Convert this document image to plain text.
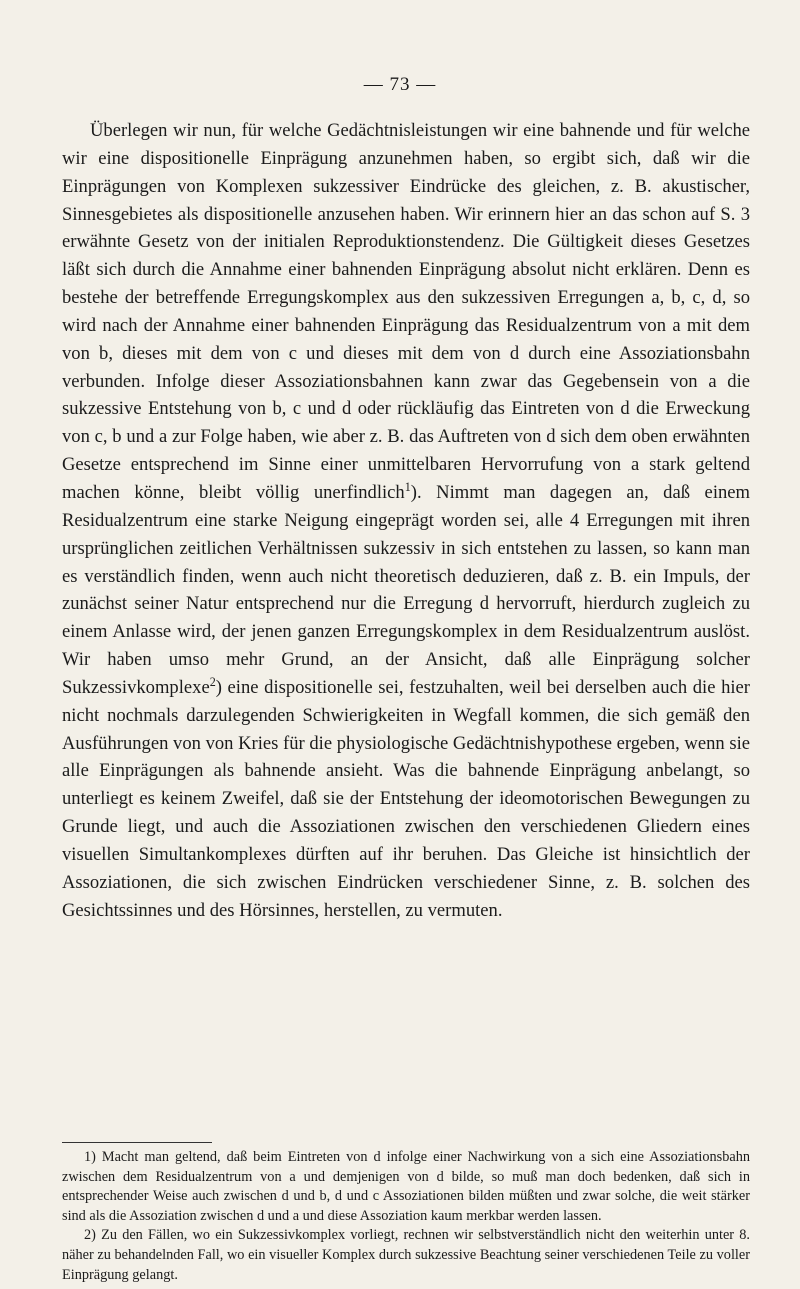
— 73 —

Überlegen wir nun, für welche Gedächtnisleistungen wir eine bahnende und für welche wir eine dispositionelle Einprägung anzunehmen haben, so ergibt sich, daß wir die Einprägungen von Komplexen sukzessiver Eindrücke des gleichen, z. B. akustischer, Sinnesgebietes als dispositionelle anzusehen haben. Wir erinnern hier an das schon auf S. 3 erwähnte Gesetz von der initialen Reproduktionstendenz. Die Gültigkeit dieses Gesetzes läßt sich durch die Annahme einer bahnenden Einprägung absolut nicht erklären. Denn es bestehe der betreffende Erregungskomplex aus den sukzessiven Erregungen a, b, c, d, so wird nach der Annahme einer bahnenden Einprägung das Residualzentrum von a mit dem von b, dieses mit dem von c und dieses mit dem von d durch eine Assoziationsbahn verbunden. Infolge dieser Assoziationsbahnen kann zwar das Gegebensein von a die sukzessive Entstehung von b, c und d oder rückläufig das Eintreten von d die Erweckung von c, b und a zur Folge haben, wie aber z. B. das Auftreten von d sich dem oben erwähnten Gesetze entsprechend im Sinne einer unmittelbaren Hervorrufung von a stark geltend machen könne, bleibt völlig unerfindlich$^1$). Nimmt man dagegen an, daß einem Residualzentrum eine starke Neigung eingeprägt worden sei, alle 4 Erregungen mit ihren ursprünglichen zeitlichen Verhältnissen sukzessiv in sich entstehen zu lassen, so kann man es verständlich finden, wenn auch nicht theoretisch deduzieren, daß z. B. ein Impuls, der zunächst seiner Natur entsprechend nur die Erregung d hervorruft, hierdurch zugleich zu einem Anlasse wird, der jenen ganzen Erregungskomplex in dem Residualzentrum auslöst. Wir haben umso mehr Grund, an der Ansicht, daß alle Einprägung solcher Sukzessivkomplexe$^2$) eine dispositionelle sei, festzuhalten, weil bei derselben auch die hier nicht nochmals darzulegenden Schwierigkeiten in Wegfall kommen, die sich gemäß den Ausführungen von von Kries für die physiologische Gedächtnishypothese ergeben, wenn sie alle Einprägungen als bahnende ansieht. Was die bahnende Einprägung anbelangt, so unterliegt es keinem Zweifel, daß sie der Entstehung der ideomotorischen Bewegungen zu Grunde liegt, und auch die Assoziationen zwischen den verschiedenen Gliedern eines visuellen Simultankomplexes dürften auf ihr beruhen. Das Gleiche ist hinsichtlich der Assoziationen, die sich zwischen Eindrücken verschiedener Sinne, z. B. solchen des Gesichtssinnes und des Hörsinnes, herstellen, zu vermuten.

1) Macht man geltend, daß beim Eintreten von d infolge einer Nachwirkung von a sich eine Assoziationsbahn zwischen dem Residualzentrum von a und demjenigen von d bilde, so muß man doch bedenken, daß sich in entsprechender Weise auch zwischen d und b, d und c Assoziationen bilden müßten und zwar solche, die weit stärker sind als die Assoziation zwischen d und a und diese Assoziation kaum merkbar werden lassen.

2) Zu den Fällen, wo ein Sukzessivkomplex vorliegt, rechnen wir selbstverständlich nicht den weiterhin unter 8. näher zu behandelnden Fall, wo ein visueller Komplex durch sukzessive Beachtung seiner verschiedenen Teile zu voller Einprägung gelangt.
